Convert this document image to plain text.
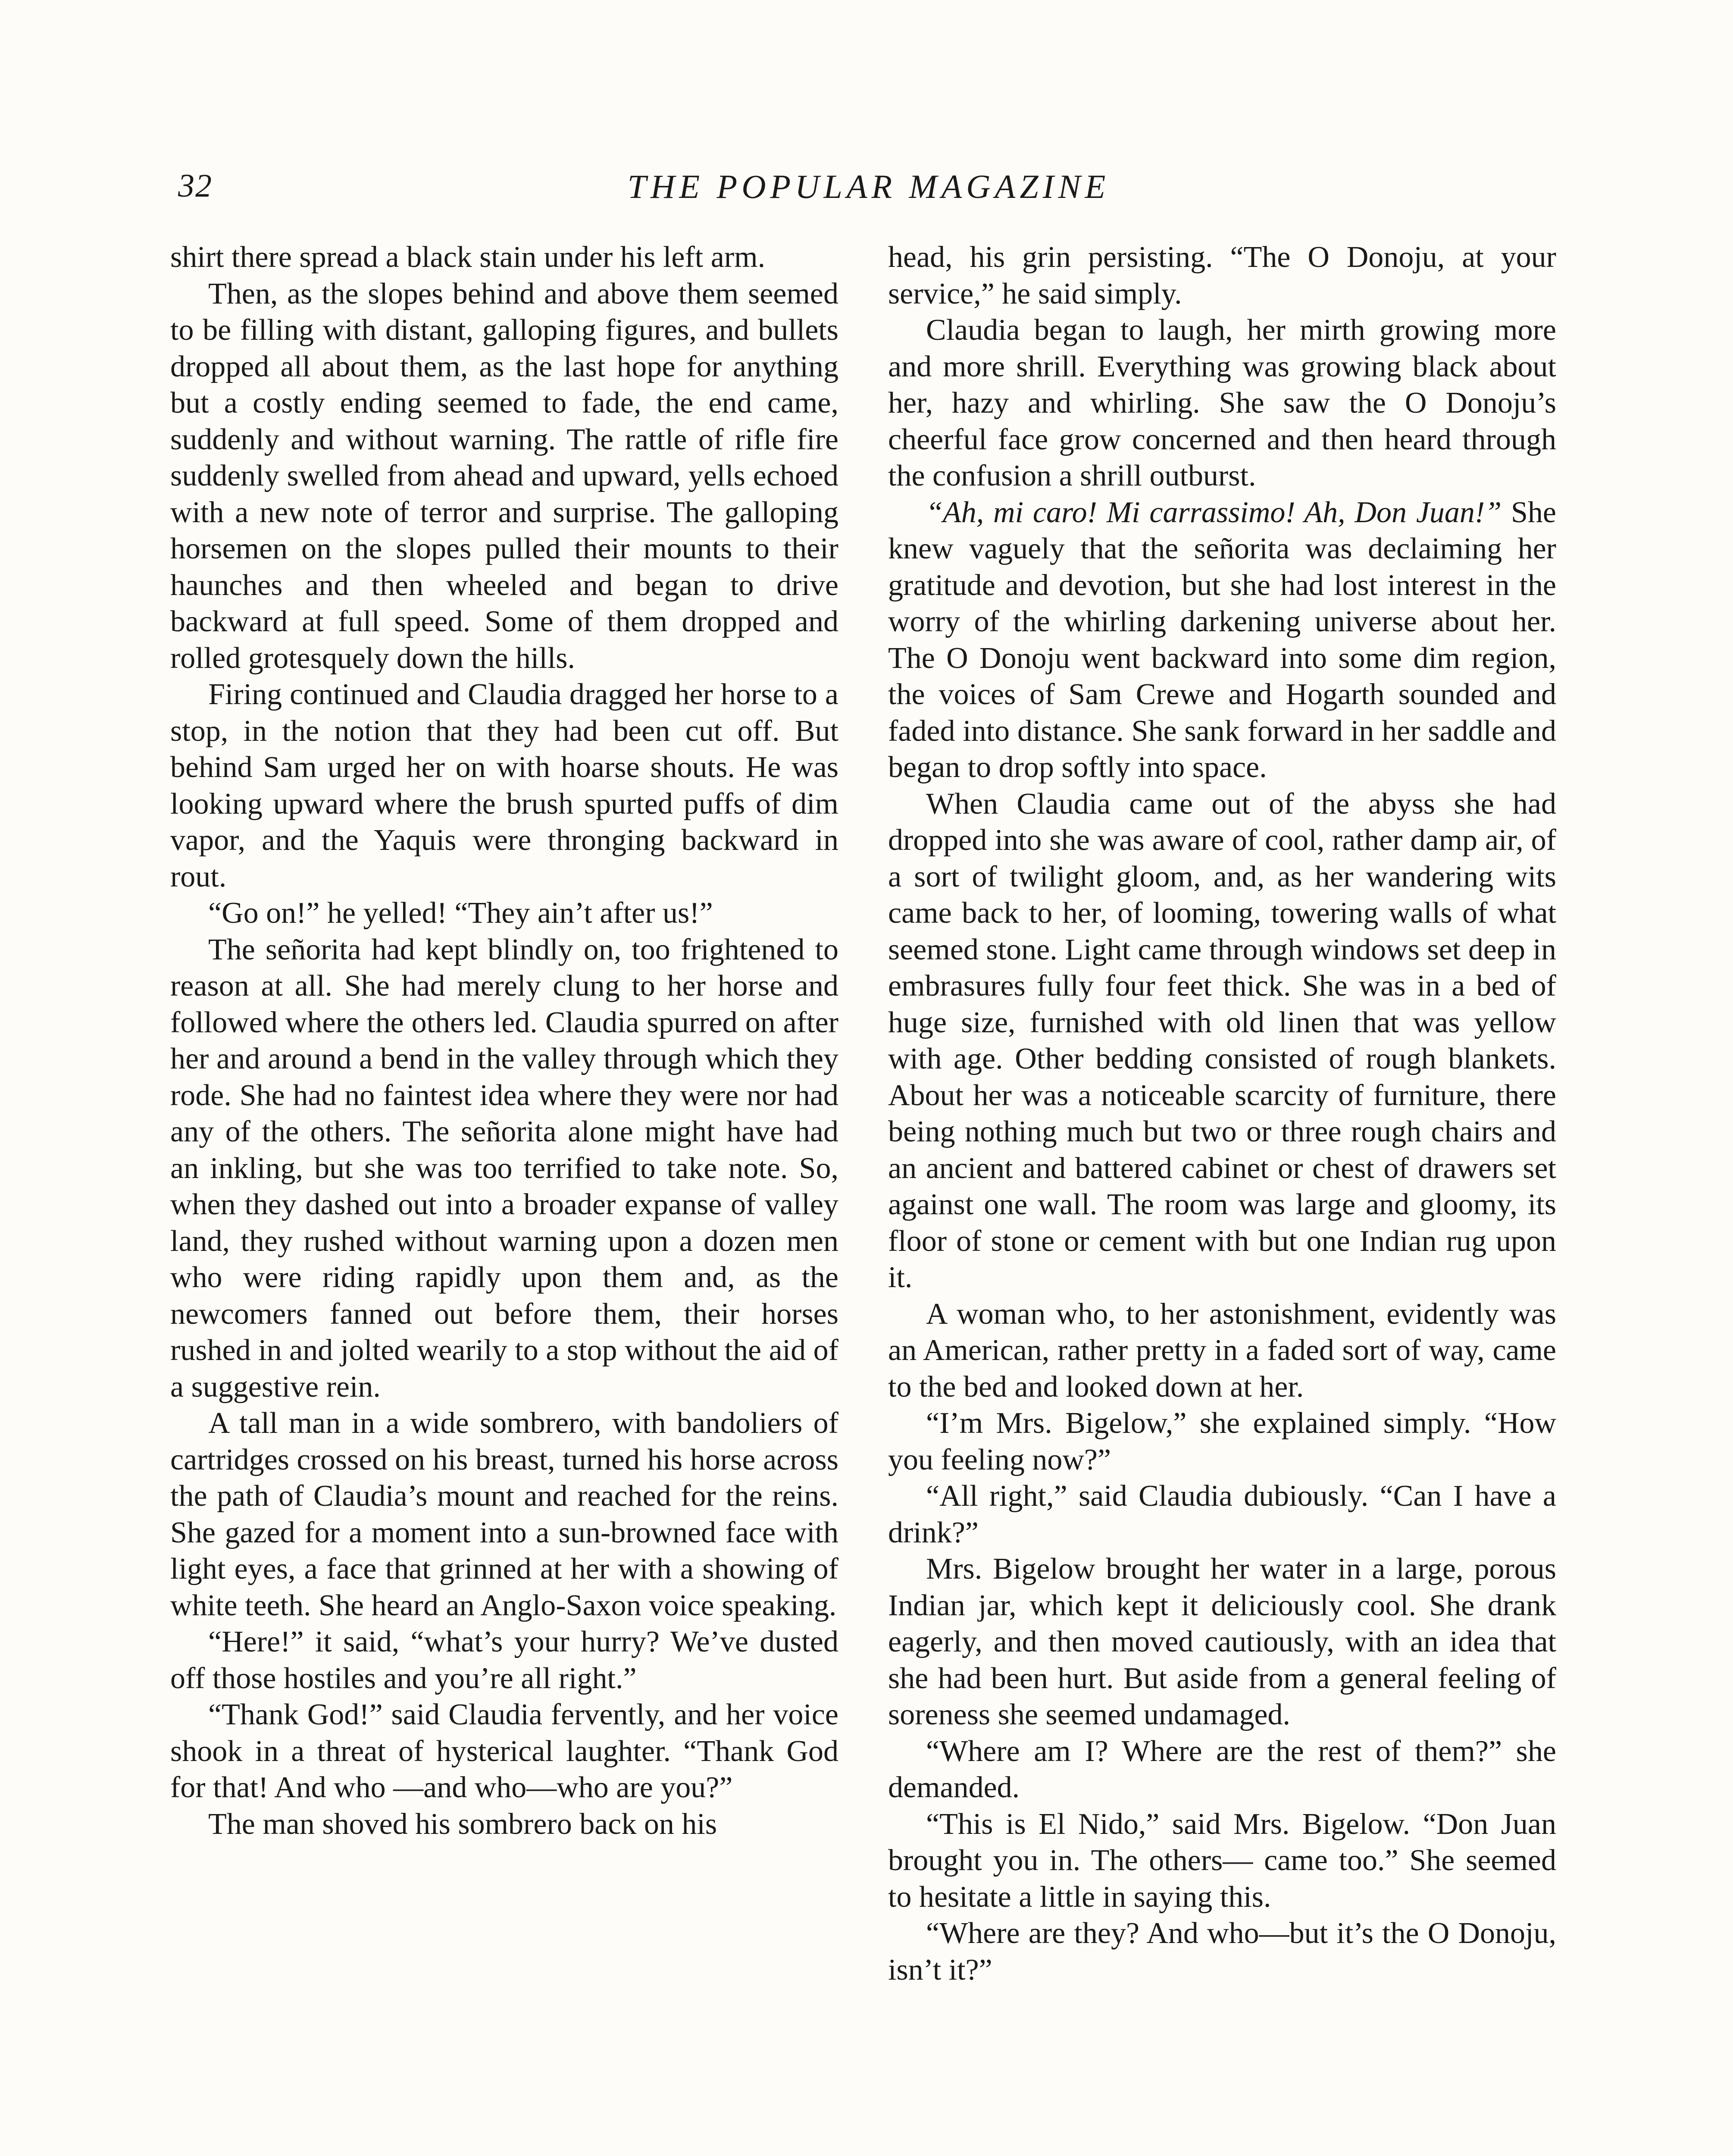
32	THE POPULAR MAGAZINE

shirt there spread a black stain under his left arm.

Then, as the slopes behind and above them seemed to be filling with distant, galloping figures, and bullets dropped all about them, as the last hope for anything but a costly ending seemed to fade, the end came, suddenly and without warning. The rattle of rifle fire suddenly swelled from ahead and upward, yells echoed with a new note of terror and surprise. The galloping horsemen on the slopes pulled their mounts to their haunches and then wheeled and began to drive backward at full speed. Some of them dropped and rolled grotesquely down the hills.

Firing continued and Claudia dragged her horse to a stop, in the notion that they had been cut off. But behind Sam urged her on with hoarse shouts. He was looking upward where the brush spurted puffs of dim vapor, and the Yaquis were thronging backward in rout.

“Go on!” he yelled! “They ain’t after us!”

The señorita had kept blindly on, too frightened to reason at all. She had merely clung to her horse and followed where the others led. Claudia spurred on after her and around a bend in the valley through which they rode. She had no faintest idea where they were nor had any of the others. The señorita alone might have had an inkling, but she was too terrified to take note. So, when they dashed out into a broader expanse of valley land, they rushed without warning upon a dozen men who were riding rapidly upon them and, as the newcomers fanned out before them, their horses rushed in and jolted wearily to a stop without the aid of a suggestive rein.

A tall man in a wide sombrero, with bandoliers of cartridges crossed on his breast, turned his horse across the path of Claudia’s mount and reached for the reins. She gazed for a moment into a sun-browned face with light eyes, a face that grinned at her with a showing of white teeth. She heard an Anglo-Saxon voice speaking.

“Here!” it said, “what’s your hurry? We’ve dusted off those hostiles and you’re all right.”

“Thank God!” said Claudia fervently, and her voice shook in a threat of hysterical laughter. “Thank God for that! And who —and who—who are you?”

The man shoved his sombrero back on his

head, his grin persisting. “The O Donoju, at your service,” he said simply.

Claudia began to laugh, her mirth growing more and more shrill. Everything was growing black about her, hazy and whirling. She saw the O Donoju’s cheerful face grow concerned and then heard through the confusion a shrill outburst.

“Ah, mi caro! Mi carrassimo! Ah, Don Juan!” She knew vaguely that the señorita was declaiming her gratitude and devotion, but she had lost interest in the worry of the whirling darkening universe about her. The O Donoju went backward into some dim region, the voices of Sam Crewe and Hogarth sounded and faded into distance. She sank forward in her saddle and began to drop softly into space.

When Claudia came out of the abyss she had dropped into she was aware of cool, rather damp air, of a sort of twilight gloom, and, as her wandering wits came back to her, of looming, towering walls of what seemed stone. Light came through windows set deep in embrasures fully four feet thick. She was in a bed of huge size, furnished with old linen that was yellow with age. Other bedding consisted of rough blankets. About her was a noticeable scarcity of furniture, there being nothing much but two or three rough chairs and an ancient and battered cabinet or chest of drawers set against one wall. The room was large and gloomy, its floor of stone or cement with but one Indian rug upon it.

A woman who, to her astonishment, evidently was an American, rather pretty in a faded sort of way, came to the bed and looked down at her.

“I’m Mrs. Bigelow,” she explained simply. “How you feeling now?”

“All right,” said Claudia dubiously. “Can I have a drink?”

Mrs. Bigelow brought her water in a large, porous Indian jar, which kept it deliciously cool. She drank eagerly, and then moved cautiously, with an idea that she had been hurt. But aside from a general feeling of soreness she seemed undamaged.

“Where am I? Where are the rest of them?” she demanded.

“This is El Nido,” said Mrs. Bigelow. “Don Juan brought you in. The others— came too.” She seemed to hesitate a little in saying this.

“Where are they? And who—but it’s the O Donoju, isn’t it?”
